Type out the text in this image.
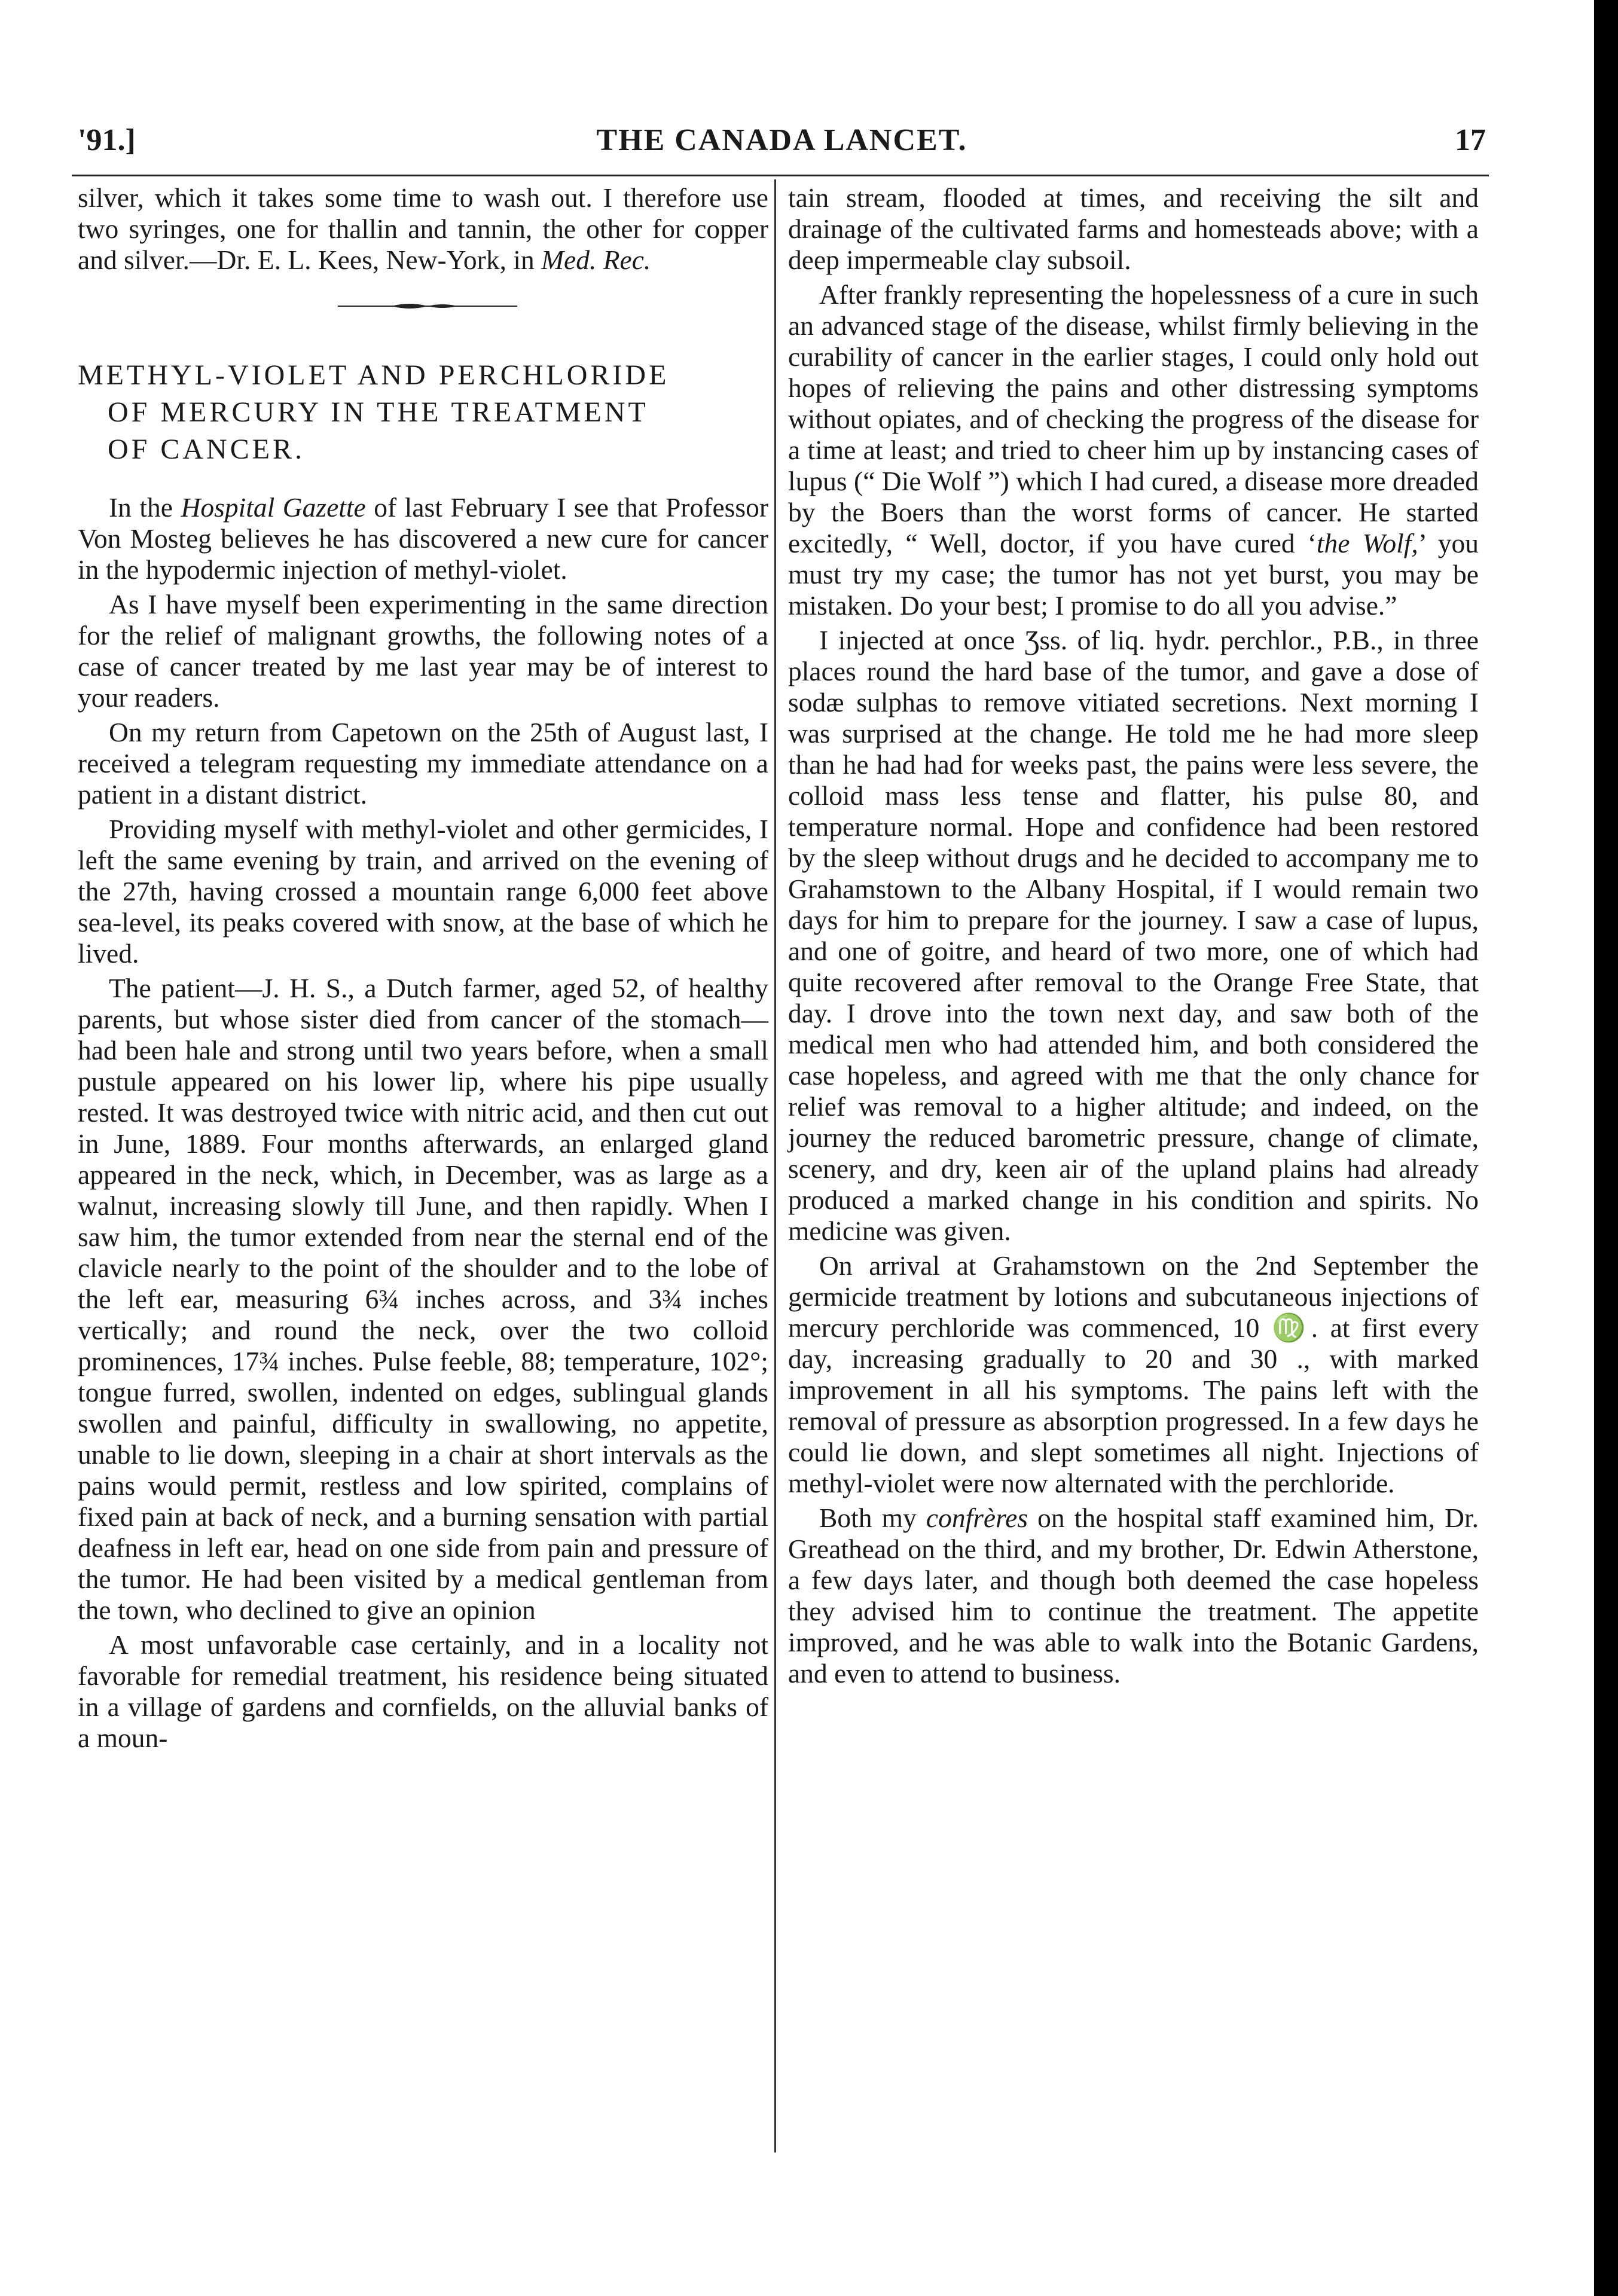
'91.]	THE CANADA LANCET.	17

silver, which it takes some time to wash out. I therefore use two syringes, one for thallin and tannin, the other for copper and silver.—Dr. E. L. Kees, New-York, in Med. Rec.

METHYL-VIOLET AND PERCHLORIDE
OF MERCURY IN THE TREATMENT
OF CANCER.

In the Hospital Gazette of last February I see that Professor Von Mosteg believes he has discovered a new cure for cancer in the hypodermic injection of methyl-violet.

As I have myself been experimenting in the same direction for the relief of malignant growths, the following notes of a case of cancer treated by me last year may be of interest to your readers.

On my return from Capetown on the 25th of August last, I received a telegram requesting my immediate attendance on a patient in a distant district.

Providing myself with methyl-violet and other germicides, I left the same evening by train, and arrived on the evening of the 27th, having crossed a mountain range 6,000 feet above sea-level, its peaks covered with snow, at the base of which he lived.

The patient—J. H. S., a Dutch farmer, aged 52, of healthy parents, but whose sister died from cancer of the stomach—had been hale and strong until two years before, when a small pustule appeared on his lower lip, where his pipe usually rested. It was destroyed twice with nitric acid, and then cut out in June, 1889. Four months afterwards, an enlarged gland appeared in the neck, which, in December, was as large as a walnut, increasing slowly till June, and then rapidly. When I saw him, the tumor extended from near the sternal end of the clavicle nearly to the point of the shoulder and to the lobe of the left ear, measuring 6¾ inches across, and 3¾ inches vertically; and round the neck, over the two colloid prominences, 17¾ inches. Pulse feeble, 88; temperature, 102°; tongue furred, swollen, indented on edges, sublingual glands swollen and painful, difficulty in swallowing, no appetite, unable to lie down, sleeping in a chair at short intervals as the pains would permit, restless and low spirited, complains of fixed pain at back of neck, and a burning sensation with partial deafness in left ear, head on one side from pain and pressure of the tumor. He had been visited by a medical gentleman from the town, who declined to give an opinion

A most unfavorable case certainly, and in a locality not favorable for remedial treatment, his residence being situated in a village of gardens and cornfields, on the alluvial banks of a moun-

tain stream, flooded at times, and receiving the silt and drainage of the cultivated farms and homesteads above; with a deep impermeable clay subsoil.

After frankly representing the hopelessness of a cure in such an advanced stage of the disease, whilst firmly believing in the curability of cancer in the earlier stages, I could only hold out hopes of relieving the pains and other distressing symptoms without opiates, and of checking the progress of the disease for a time at least; and tried to cheer him up by instancing cases of lupus (“ Die Wolf ”) which I had cured, a disease more dreaded by the Boers than the worst forms of cancer. He started excitedly, “ Well, doctor, if you have cured ‘the Wolf,’ you must try my case; the tumor has not yet burst, you may be mistaken. Do your best; I promise to do all you advise.”

I injected at once Ʒss. of liq. hydr. perchlor., P.B., in three places round the hard base of the tumor, and gave a dose of sodæ sulphas to remove vitiated secretions. Next morning I was surprised at the change. He told me he had more sleep than he had had for weeks past, the pains were less severe, the colloid mass less tense and flatter, his pulse 80, and temperature normal. Hope and confidence had been restored by the sleep without drugs and he decided to accompany me to Grahamstown to the Albany Hospital, if I would remain two days for him to prepare for the journey. I saw a case of lupus, and one of goitre, and heard of two more, one of which had quite recovered after removal to the Orange Free State, that day. I drove into the town next day, and saw both of the medical men who had attended him, and both considered the case hopeless, and agreed with me that the only chance for relief was removal to a higher altitude; and indeed, on the journey the reduced barometric pressure, change of climate, scenery, and dry, keen air of the upland plains had already produced a marked change in his condition and spirits. No medicine was given.

On arrival at Grahamstown on the 2nd September the germicide treatment by lotions and subcutaneous injections of mercury perchloride was commenced, 10 ♍. at first every day, increasing gradually to 20 and 30 ., with marked improvement in all his symptoms. The pains left with the removal of pressure as absorption progressed. In a few days he could lie down, and slept sometimes all night. Injections of methyl-violet were now alternated with the perchloride.

Both my confrères on the hospital staff examined him, Dr. Greathead on the third, and my brother, Dr. Edwin Atherstone, a few days later, and though both deemed the case hopeless they advised him to continue the treatment. The appetite improved, and he was able to walk into the Botanic Gardens, and even to attend to business.
